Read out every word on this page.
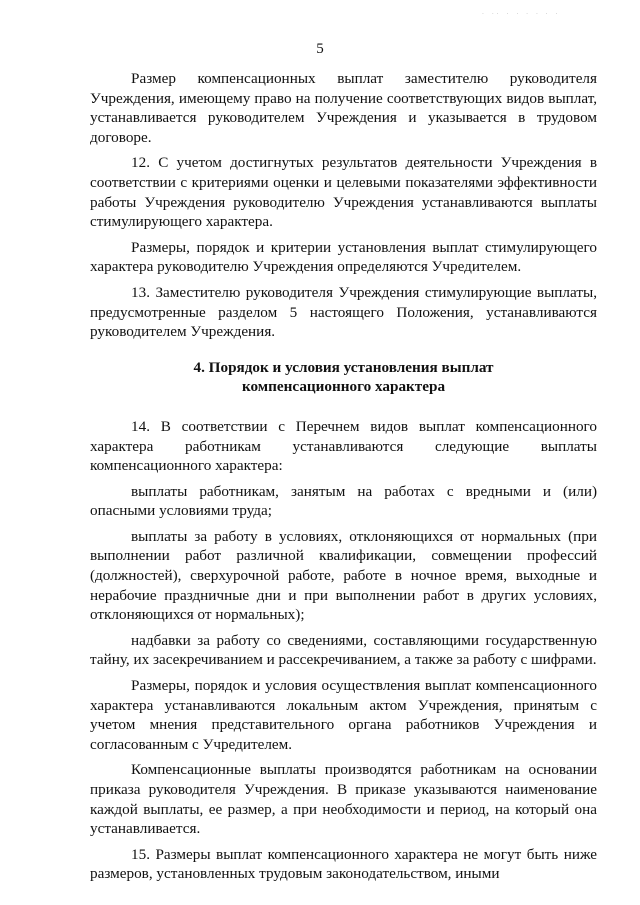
· ·· · · · · · ·
5

Размер компенсационных выплат заместителю руководителя Учреждения, имеющему право на получение соответствующих видов выплат, устанавливается руководителем Учреждения и указывается в трудовом договоре.

12. С учетом достигнутых результатов деятельности Учреждения в соответствии с критериями оценки и целевыми показателями эффективности работы Учреждения руководителю Учреждения устанавливаются выплаты стимулирующего характера.

Размеры, порядок и критерии установления выплат стимулирующего характера руководителю Учреждения определяются Учредителем.

13. Заместителю руководителя Учреждения стимулирующие выплаты, предусмотренные разделом 5 настоящего Положения, устанавливаются руководителем Учреждения.

4. Порядок и условия установления выплат
компенсационного характера

14. В соответствии с Перечнем видов выплат компенсационного характера работникам устанавливаются следующие выплаты компенсационного характера:

выплаты работникам, занятым на работах с вредными и (или) опасными условиями труда;

выплаты за работу в условиях, отклоняющихся от нормальных (при выполнении работ различной квалификации, совмещении профессий (должностей), сверхурочной работе, работе в ночное время, выходные и нерабочие праздничные дни и при выполнении работ в других условиях, отклоняющихся от нормальных);

надбавки за работу со сведениями, составляющими государственную тайну, их засекречиванием и рассекречиванием, а также за работу с шифрами.

Размеры, порядок и условия осуществления выплат компенсационного характера устанавливаются локальным актом Учреждения, принятым с учетом мнения представительного органа работников Учреждения и согласованным с Учредителем.

Компенсационные выплаты производятся работникам на основании приказа руководителя Учреждения. В приказе указываются наименование каждой выплаты, ее размер, а при необходимости и период, на который она устанавливается.

15. Размеры выплат компенсационного характера не могут быть ниже размеров, установленных трудовым законодательством, иными
